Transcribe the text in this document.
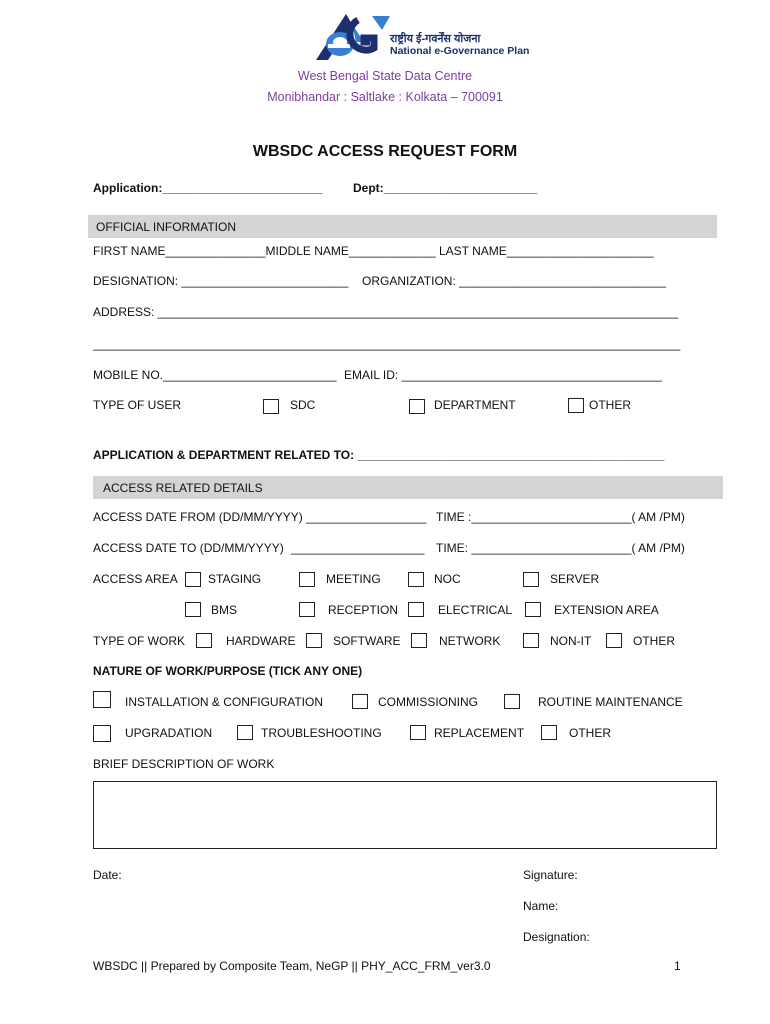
राष्ट्रीय ई-गवर्नेंस योजना
National e-Governance Plan
West Bengal State Data Centre
Monibhandar : Saltlake : Kolkata – 700091
WBSDC ACCESS REQUEST FORM
Application:________________________	Dept:_______________________
OFFICIAL INFORMATION
FIRST NAME_______________MIDDLE NAME_____________ LAST NAME______________________
DESIGNATION: _________________________ ORGANIZATION: _______________________________
ADDRESS: ______________________________________________________________________________
________________________________________________________________________________________
MOBILE NO.__________________________ EMAIL ID: _______________________________________
TYPE OF USER	SDC	DEPARTMENT	OTHER
APPLICATION & DEPARTMENT RELATED TO: ______________________________________________
ACCESS RELATED DETAILS
ACCESS DATE FROM (DD/MM/YYYY) __________________ TIME :________________________( AM /PM)
ACCESS DATE TO (DD/MM/YYYY) ____________________ TIME: ________________________( AM /PM)
ACCESS AREA	STAGING	MEETING	NOC	SERVER
BMS	RECEPTION	ELECTRICAL	EXTENSION AREA
TYPE OF WORK	HARDWARE	SOFTWARE	NETWORK	NON-IT	OTHER
NATURE OF WORK/PURPOSE (TICK ANY ONE)
INSTALLATION & CONFIGURATION	COMMISSIONING	ROUTINE MAINTENANCE
UPGRADATION	TROUBLESHOOTING	REPLACEMENT	OTHER
BRIEF DESCRIPTION OF WORK
Date:	Signature:
Name:
Designation:
WBSDC || Prepared by Composite Team, NeGP || PHY_ACC_FRM_ver3.0	1
